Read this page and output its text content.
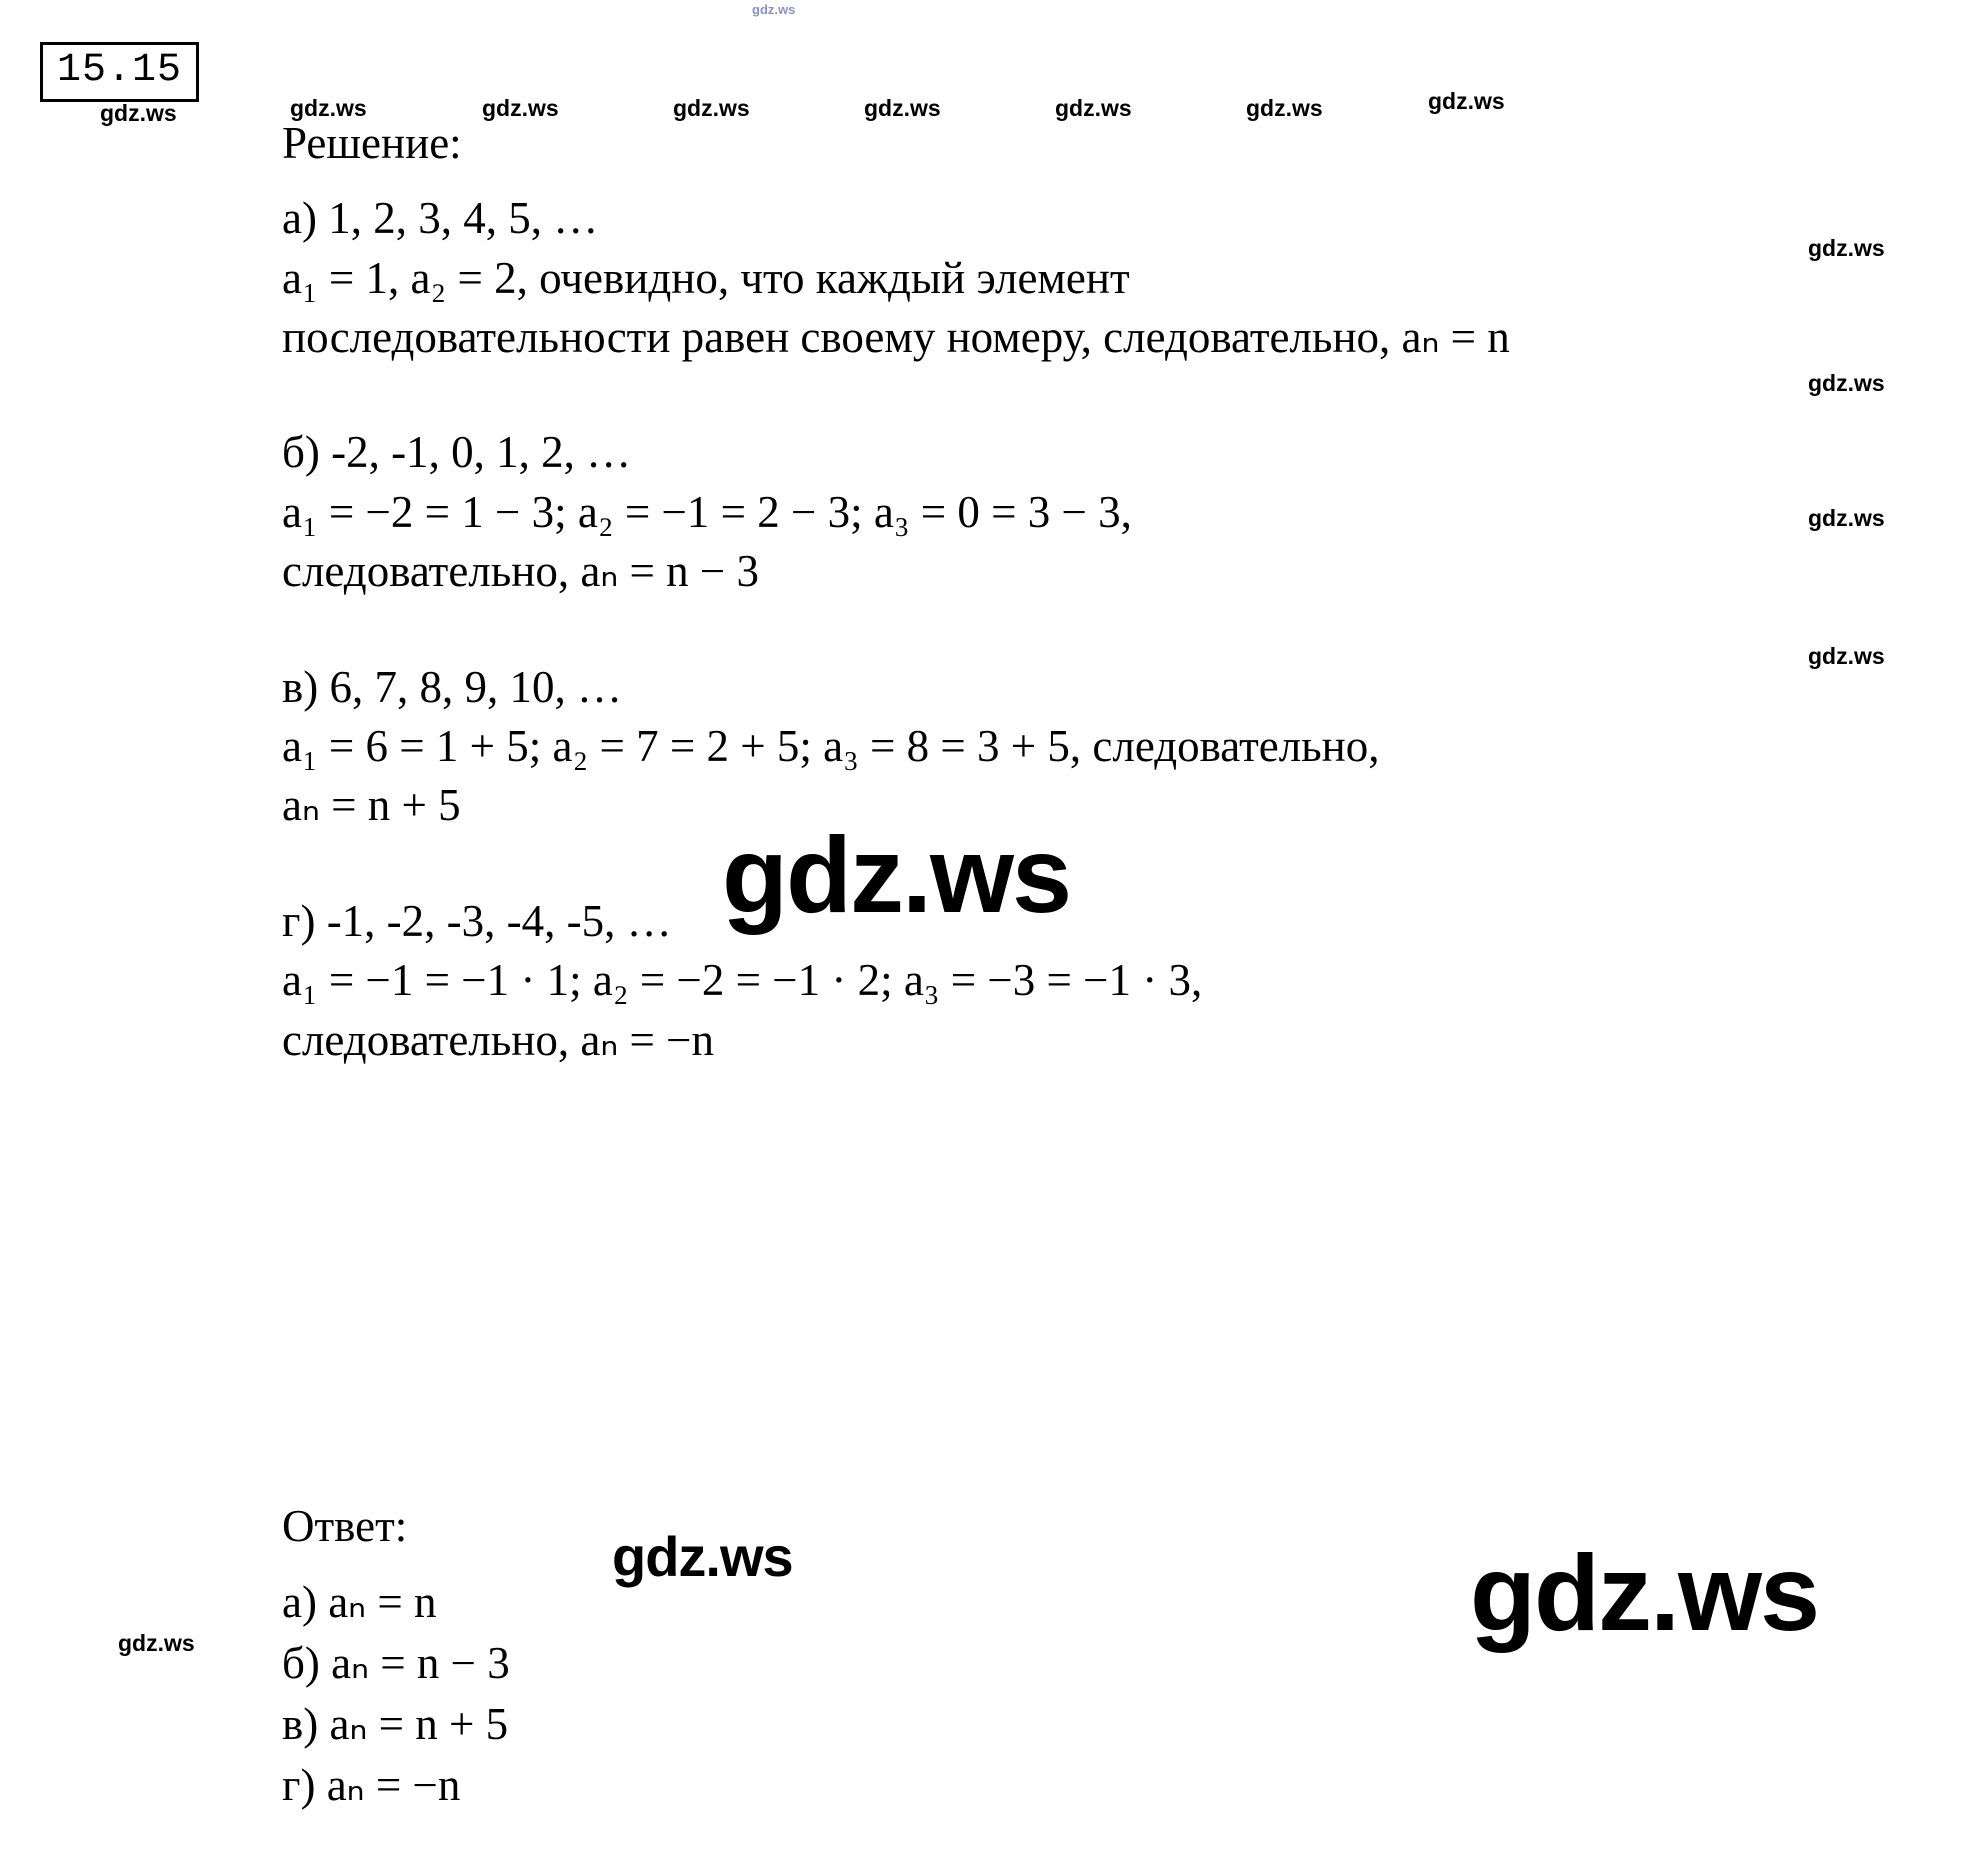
15.15

Решение:

а) 1, 2, 3, 4, 5, …

a₁ = 1, a₂ = 2, очевидно, что каждый элемент

последовательности равен своему номеру, следовательно, aₙ = n

б) -2, -1, 0, 1, 2, …

a₁ = −2 = 1 − 3; a₂ = −1 = 2 − 3; a₃ = 0 = 3 − 3,

следовательно, aₙ = n − 3

в) 6, 7, 8, 9, 10, …

a₁ = 6 = 1 + 5; a₂ = 7 = 2 + 5; a₃ = 8 = 3 + 5, следовательно,

aₙ = n + 5

г) -1, -2, -3, -4, -5, …

a₁ = −1 = −1 · 1; a₂ = −2 = −1 · 2; a₃ = −3 = −1 · 3,

следовательно, aₙ = −n

Ответ:

а) aₙ = n

б) aₙ = n − 3

в) aₙ = n + 5

г) aₙ = −n

gdz.ws
gdz.ws	gdz.ws	gdz.ws	gdz.ws	gdz.ws	gdz.ws	gdz.ws	gdz.ws
gdz.ws
gdz.ws
gdz.ws
gdz.ws
gdz.ws
gdz.ws
gdz.ws
gdz.ws
